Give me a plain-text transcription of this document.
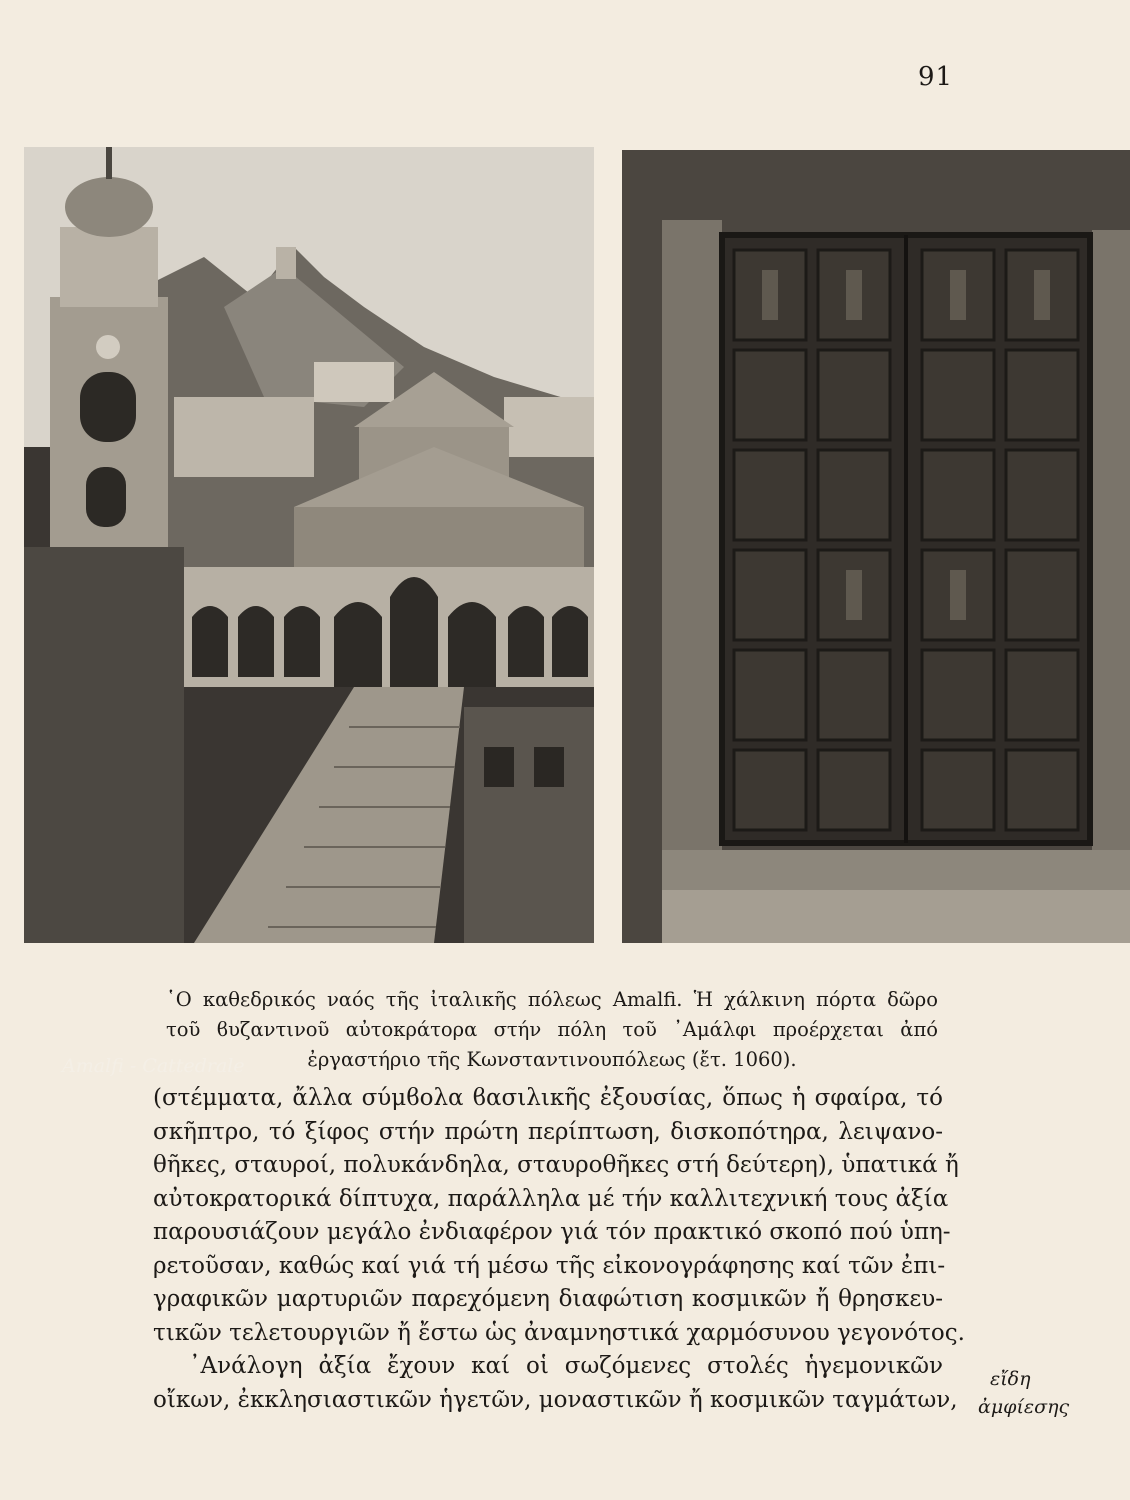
91
Amalfi - Cattedrale
῾Ο καθεδρικός ναός τῆς ἰταλικῆς πόλεως Amalfi. Ἡ χάλκινη πόρτα δῶρο
τοῦ ϐυζαντινοῦ αὐτοκράτορα στήν πόλη τοῦ ᾿Αμάλφι προέρχεται ἀπό
ἐργαστήριο τῆς Κωνσταντινουπόλεως (ἔτ. 1060).
(στέμματα, ἄλλα σύμϐολα ϐασιλικῆς ἐξουσίας, ὅπως ἡ σφαίρα, τό
σκῆπτρο, τό ξίφος στήν πρώτη περίπτωση, δισκοπότηρα, λειψανο-
θῆκες, σταυροί, πολυκάνδηλα, σταυροθῆκες στή δεύτερη), ὑπατικά ἤ
αὐτοκρατορικά δίπτυχα, παράλληλα μέ τήν καλλιτεχνική τους ἀξία
παρουσιάζουν μεγάλο ἐνδιαφέρον γιά τόν πρακτικό σκοπό πού ὑπη-
ρετοῦσαν, καθώς καί γιά τή μέσω τῆς εἰκονογράφησης καί τῶν ἐπι-
γραφικῶν μαρτυριῶν παρεχόμενη διαφώτιση κοσμικῶν ἤ θρησκευ-
τικῶν τελετουργιῶν ἤ ἔστω ὡς ἀναμνηστικά χαρμόσυνου γεγονότος.
᾿Ανάλογη ἀξία ἔχουν καί οἱ σωζόμενες στολές ἡγεμονικῶν
οἴκων, ἐκκλησιαστικῶν ἡγετῶν, μοναστικῶν ἤ κοσμικῶν ταγμάτων,
εἴδη
ἀμφίεσης
